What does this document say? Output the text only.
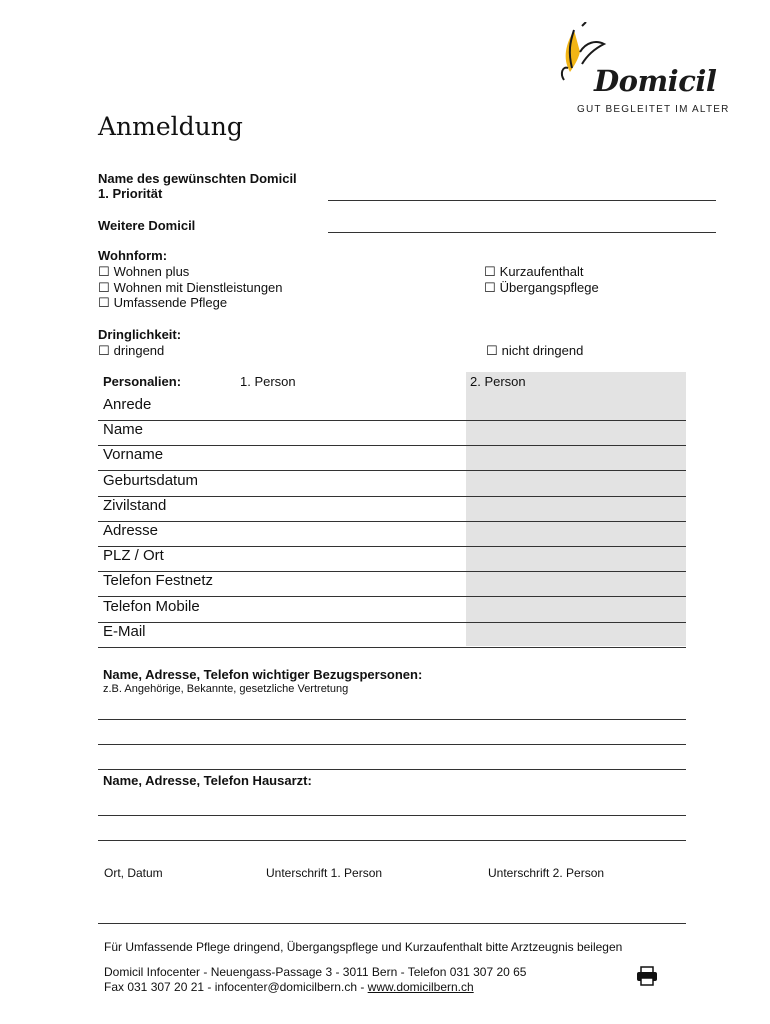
Domicil
GUT BEGLEITET IM ALTER
Anmeldung
Name des gewünschten Domicil
1. Priorität
Weitere Domicil
Wohnform:
☐ Wohnen plus
☐ Wohnen mit Dienstleistungen
☐ Umfassende Pflege
☐ Kurzaufenthalt
☐ Übergangspflege
Dringlichkeit:
☐ dringend
☐	nicht dringend
Personalien:	1. Person	2. Person
Anrede
Name
Vorname
Geburtsdatum
Zivilstand
Adresse
PLZ / Ort
Telefon Festnetz
Telefon Mobile
E-Mail
Name, Adresse, Telefon wichtiger Bezugspersonen:
z.B. Angehörige, Bekannte, gesetzliche Vertretung
Name, Adresse, Telefon Hausarzt:
Ort, Datum	Unterschrift 1. Person	Unterschrift 2. Person
Für Umfassende Pflege dringend, Übergangspflege und Kurzaufenthalt bitte Arztzeugnis beilegen
Domicil Infocenter - Neuengass-Passage 3 - 3011 Bern - Telefon 031 307 20 65
Fax 031 307 20 21 - infocenter@domicilbern.ch - www.domicilbern.ch
